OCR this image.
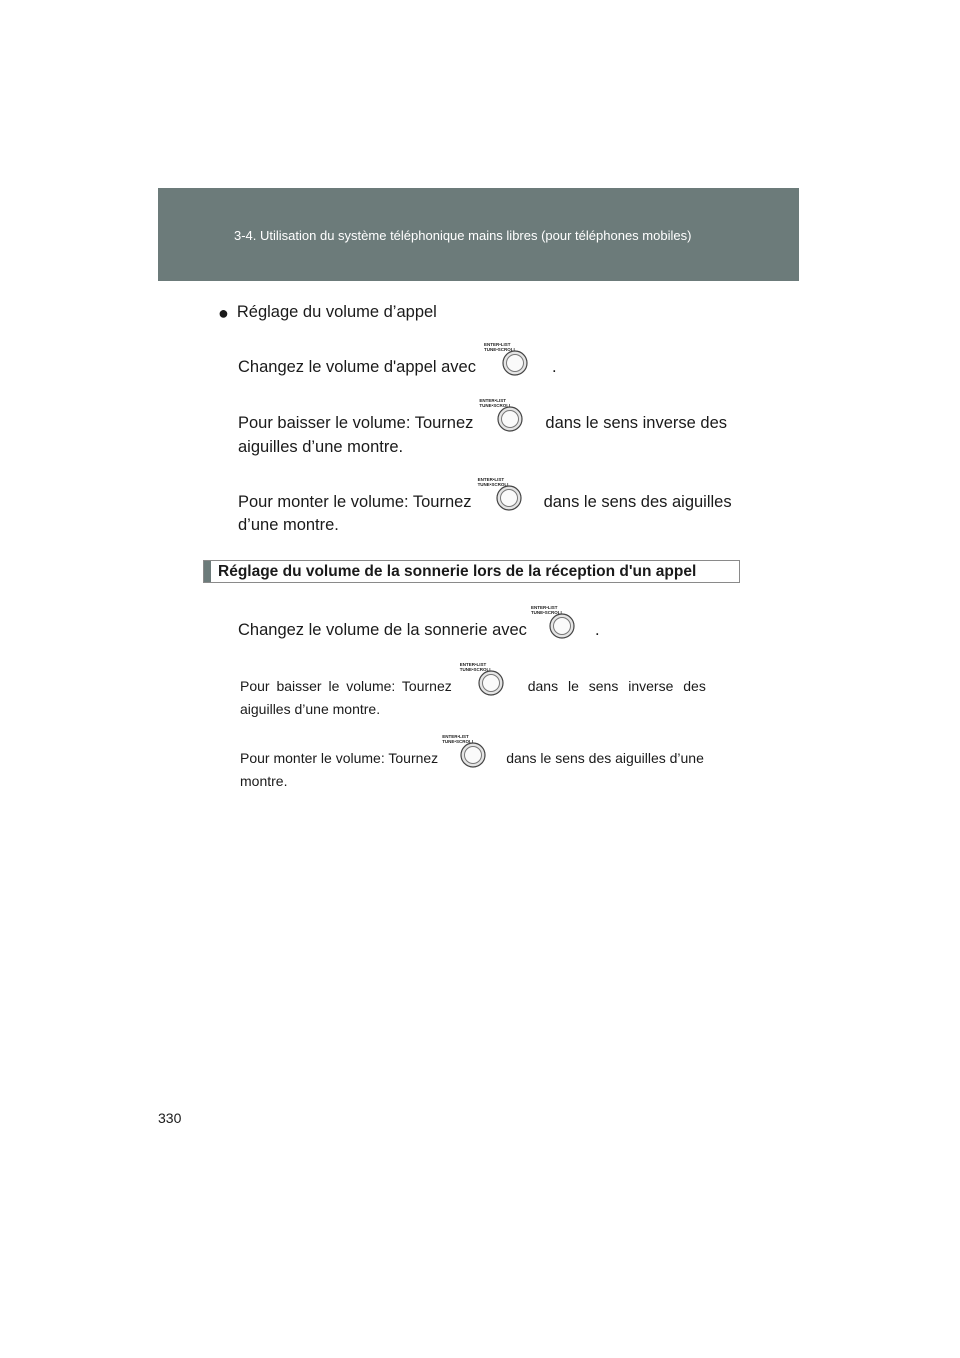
3-4. Utilisation du système téléphonique mains libres (pour téléphones mobiles)
● Réglage du volume d’appel
Changez le volume d'appel avec
ENTER•LIST
TUNE•SCROLL
.
Pour baisser le volume: Tournez
ENTER•LIST
TUNE•SCROLL
dans le sens inverse des
aiguilles d’une montre.
Pour monter le volume: Tournez
ENTER•LIST
TUNE•SCROLL
dans le sens des aiguilles
d’une montre.
Réglage du volume de la sonnerie lors de la réception d'un appel
Changez le volume de la sonnerie avec
ENTER•LIST
TUNE•SCROLL
.
Pour baisser le volume: Tournez
ENTER•LIST
TUNE•SCROLL
dans le sens inverse des
aiguilles d’une montre.
Pour monter le volume: Tournez
ENTER•LIST
TUNE•SCROLL
dans le sens des aiguilles d’une
montre.
330
